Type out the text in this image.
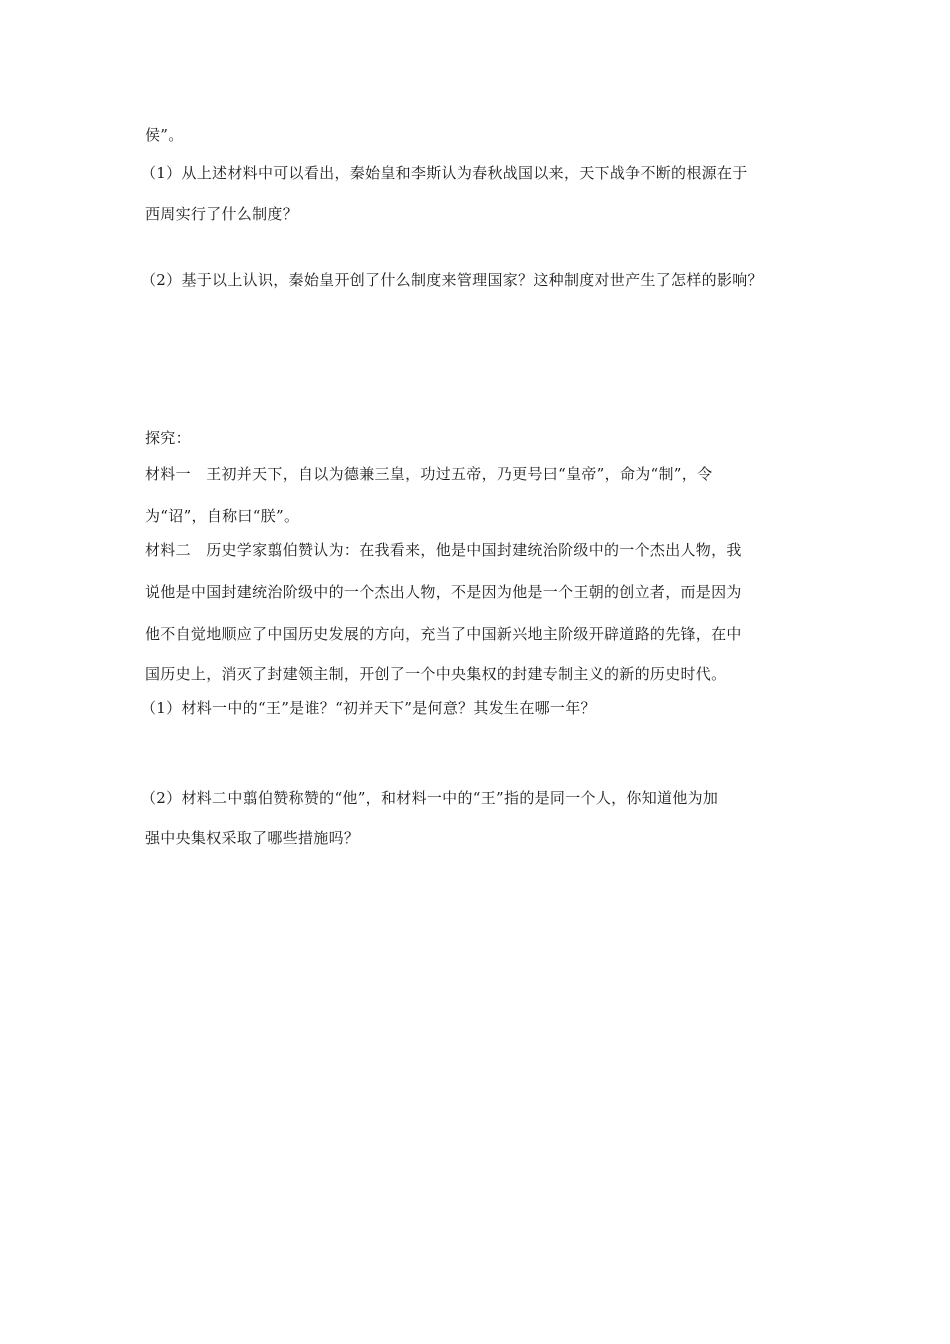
侯”。
（1）从上述材料中可以看出，秦始皇和李斯认为春秋战国以来，天下战争不断的根源在于
西周实行了什么制度？
（2）基于以上认识，秦始皇开创了什么制度来管理国家？这种制度对世产生了怎样的影响？
探究：
材料一　王初并天下，自以为德兼三皇，功过五帝，乃更号曰“皇帝”，命为“制”，令
为“诏”，自称曰“朕”。
材料二　历史学家翦伯赞认为：在我看来，他是中国封建统治阶级中的一个杰出人物，我
说他是中国封建统治阶级中的一个杰出人物，不是因为他是一个王朝的创立者，而是因为
他不自觉地顺应了中国历史发展的方向，充当了中国新兴地主阶级开辟道路的先锋，在中
国历史上，消灭了封建领主制，开创了一个中央集权的封建专制主义的新的历史时代。
（1）材料一中的“王”是谁？“初并天下”是何意？其发生在哪一年？
（2）材料二中翦伯赞称赞的“他”，和材料一中的“王”指的是同一个人，你知道他为加
强中央集权采取了哪些措施吗？
